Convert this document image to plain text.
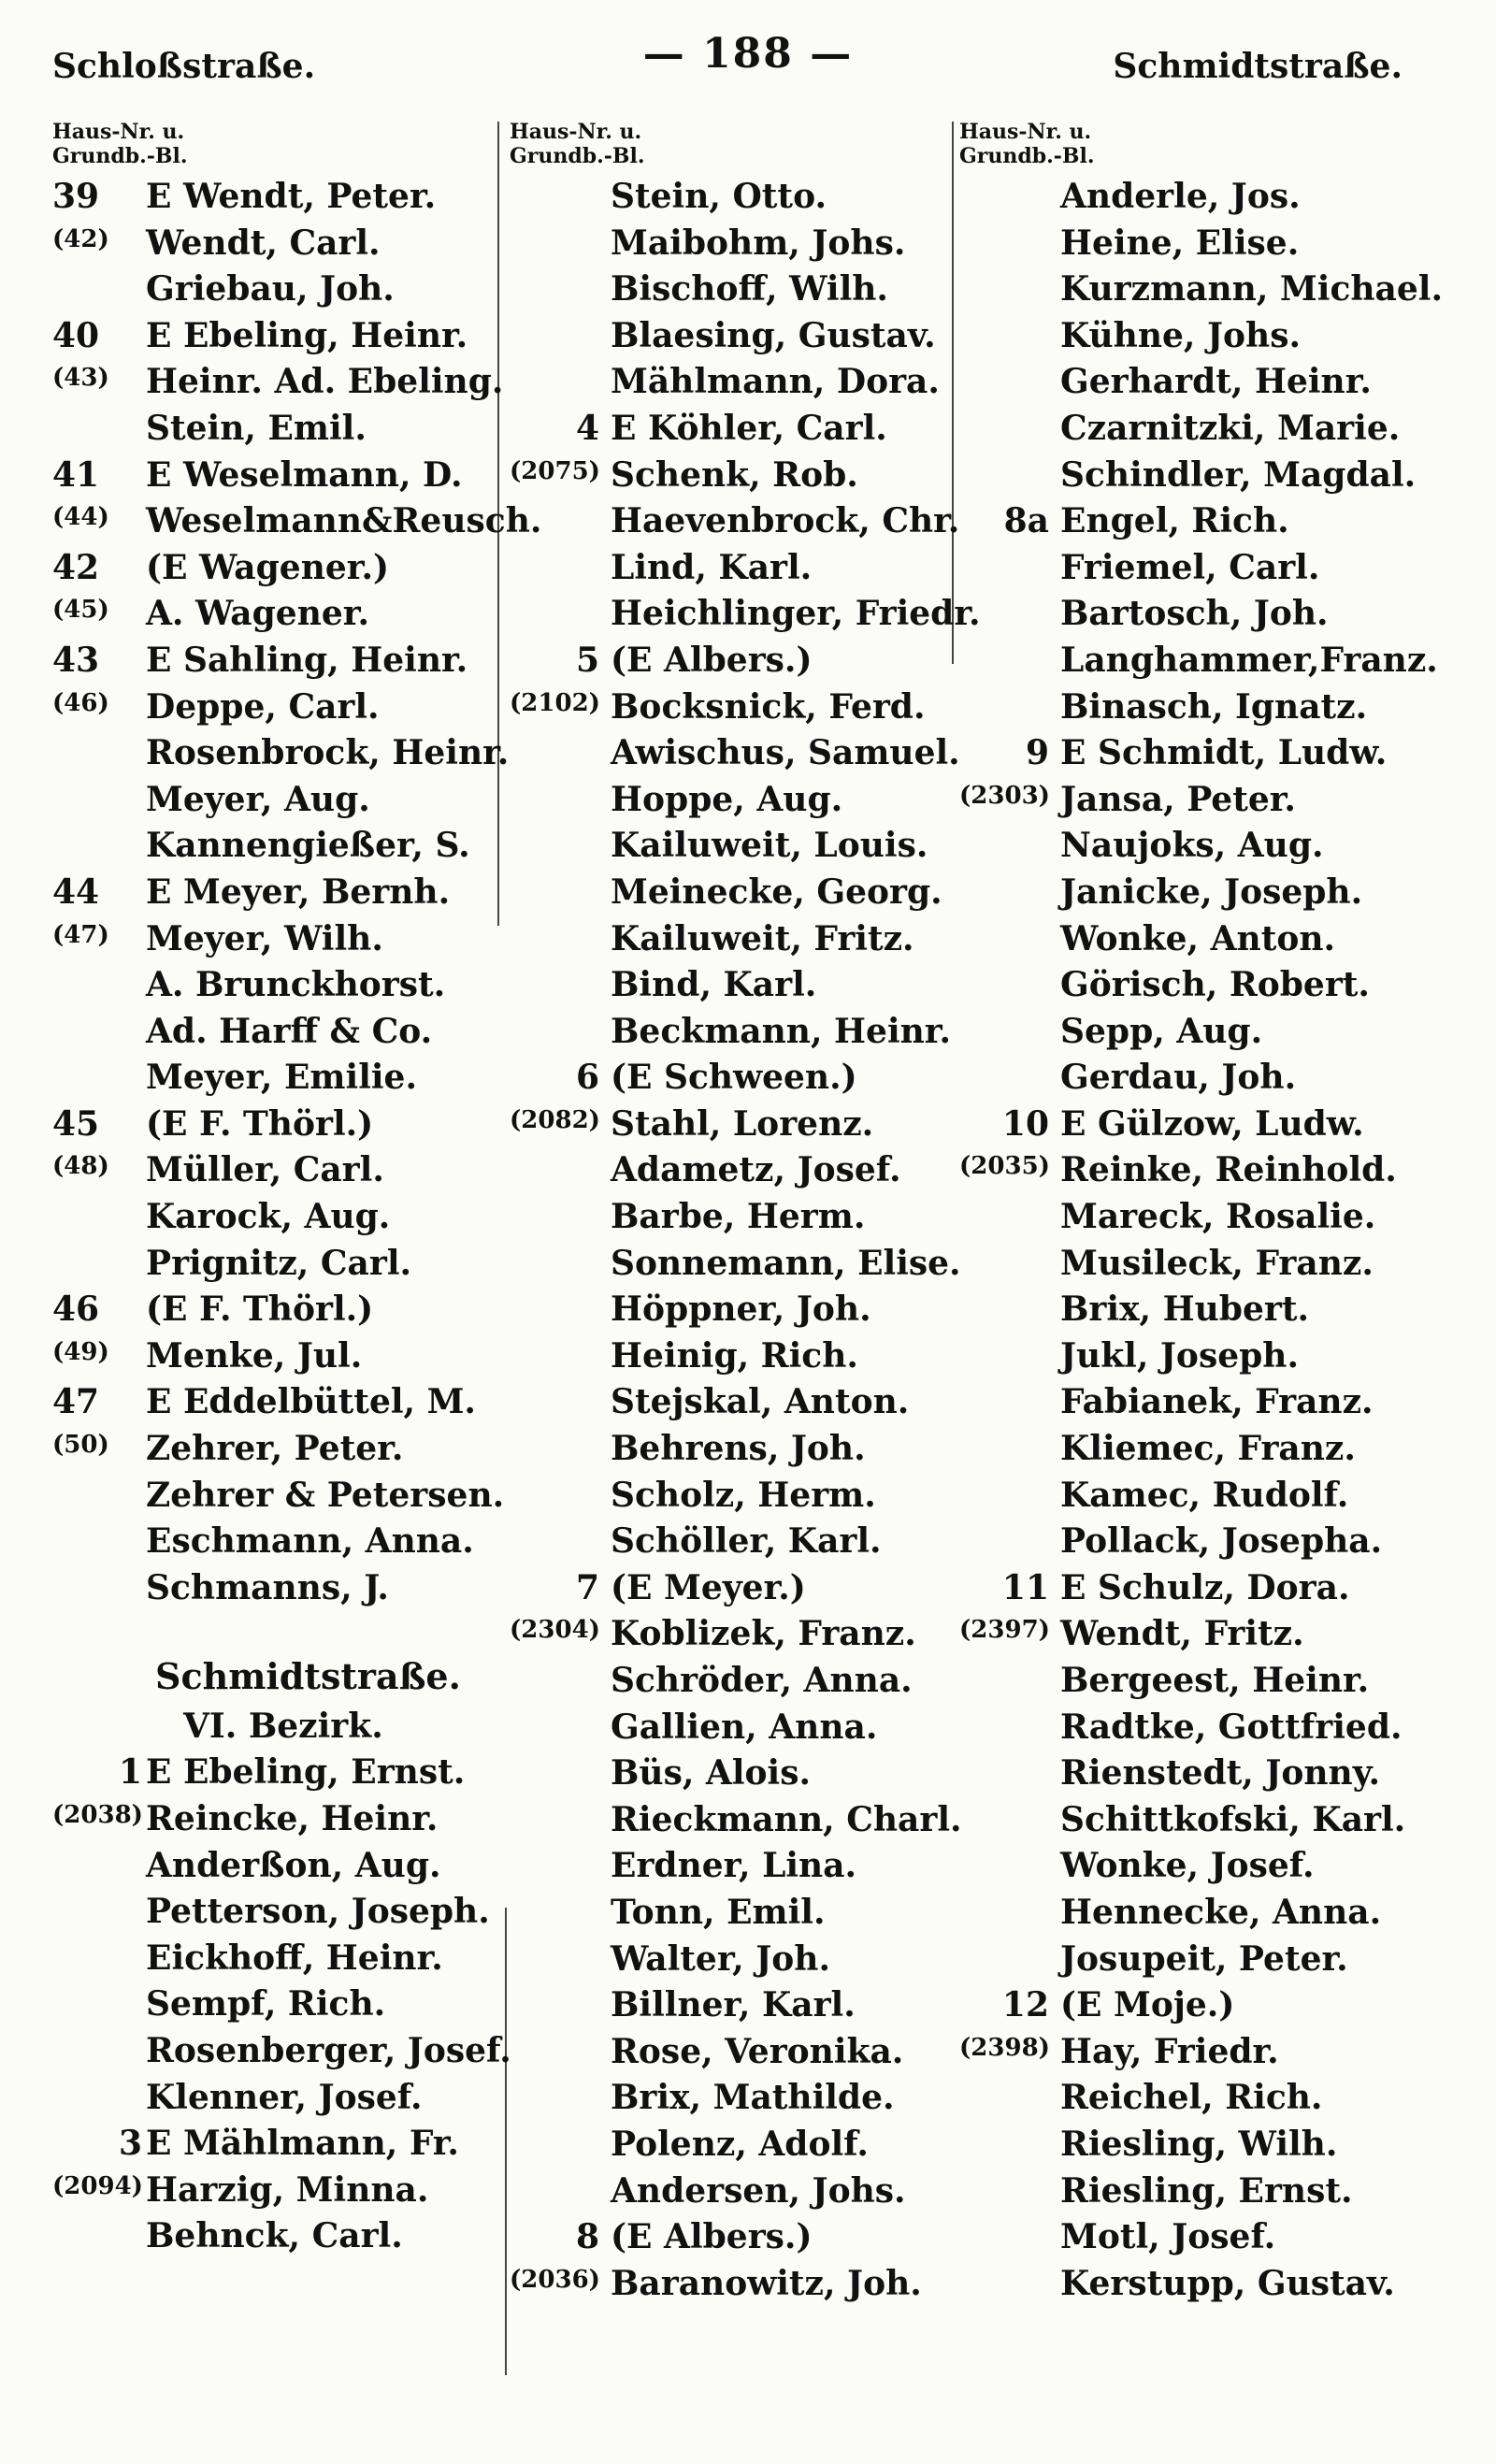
Schloßstraße.	— 188 —	Schmidtstraße.
Haus-Nr. u.
Grundb.-Bl.
39 E Wendt, Peter.
(42) Wendt, Carl.
Griebau, Joh.
40 E Ebeling, Heinr.
(43) Heinr. Ad. Ebeling.
Stein, Emil.
41 E Weselmann, D.
(44) Weselmann&Reusch.
42 (E Wagener.)
(45) A. Wagener.
43 E Sahling, Heinr.
(46) Deppe, Carl.
Rosenbrock, Heinr.
Meyer, Aug.
Kannengießer, S.
44 E Meyer, Bernh.
(47) Meyer, Wilh.
A. Brunckhorst.
Ad. Harff & Co.
Meyer, Emilie.
45 (E F. Thörl.)
(48) Müller, Carl.
Karock, Aug.
Prignitz, Carl.
46 (E F. Thörl.)
(49) Menke, Jul.
47 E Eddelbüttel, M.
(50) Zehrer, Peter.
Zehrer & Petersen.
Eschmann, Anna.
Schmanns, J.
Schmidtstraße.
VI. Bezirk.
1 E Ebeling, Ernst.
(2038) Reincke, Heinr.
Anderßon, Aug.
Petterson, Joseph.
Eickhoff, Heinr.
Sempf, Rich.
Rosenberger, Josef.
Klenner, Josef.
3 E Mählmann, Fr.
(2094) Harzig, Minna.
Behnck, Carl.
Haus-Nr. u.
Grundb.-Bl.
Stein, Otto.
Maibohm, Johs.
Bischoff, Wilh.
Blaesing, Gustav.
Mählmann, Dora.
4 E Köhler, Carl.
(2075) Schenk, Rob.
Haevenbrock, Chr.
Lind, Karl.
Heichlinger, Friedr.
5 (E Albers.)
(2102) Bocksnick, Ferd.
Awischus, Samuel.
Hoppe, Aug.
Kailuweit, Louis.
Meinecke, Georg.
Kailuweit, Fritz.
Bind, Karl.
Beckmann, Heinr.
6 (E Schween.)
(2082) Stahl, Lorenz.
Adametz, Josef.
Barbe, Herm.
Sonnemann, Elise.
Höppner, Joh.
Heinig, Rich.
Stejskal, Anton.
Behrens, Joh.
Scholz, Herm.
Schöller, Karl.
7 (E Meyer.)
(2304) Koblizek, Franz.
Schröder, Anna.
Gallien, Anna.
Büs, Alois.
Rieckmann, Charl.
Erdner, Lina.
Tonn, Emil.
Walter, Joh.
Billner, Karl.
Rose, Veronika.
Brix, Mathilde.
Polenz, Adolf.
Andersen, Johs.
8 (E Albers.)
(2036) Baranowitz, Joh.
Haus-Nr. u.
Grundb.-Bl.
Anderle, Jos.
Heine, Elise.
Kurzmann, Michael.
Kühne, Johs.
Gerhardt, Heinr.
Czarnitzki, Marie.
Schindler, Magdal.
8a Engel, Rich.
Friemel, Carl.
Bartosch, Joh.
Langhammer,Franz.
Binasch, Ignatz.
9 E Schmidt, Ludw.
(2303) Jansa, Peter.
Naujoks, Aug.
Janicke, Joseph.
Wonke, Anton.
Görisch, Robert.
Sepp, Aug.
Gerdau, Joh.
10 E Gülzow, Ludw.
(2035) Reinke, Reinhold.
Mareck, Rosalie.
Musileck, Franz.
Brix, Hubert.
Jukl, Joseph.
Fabianek, Franz.
Kliemec, Franz.
Kamec, Rudolf.
Pollack, Josepha.
11 E Schulz, Dora.
(2397) Wendt, Fritz.
Bergeest, Heinr.
Radtke, Gottfried.
Rienstedt, Jonny.
Schittkofski, Karl.
Wonke, Josef.
Hennecke, Anna.
Josupeit, Peter.
12 (E Moje.)
(2398) Hay, Friedr.
Reichel, Rich.
Riesling, Wilh.
Riesling, Ernst.
Motl, Josef.
Kerstupp, Gustav.
